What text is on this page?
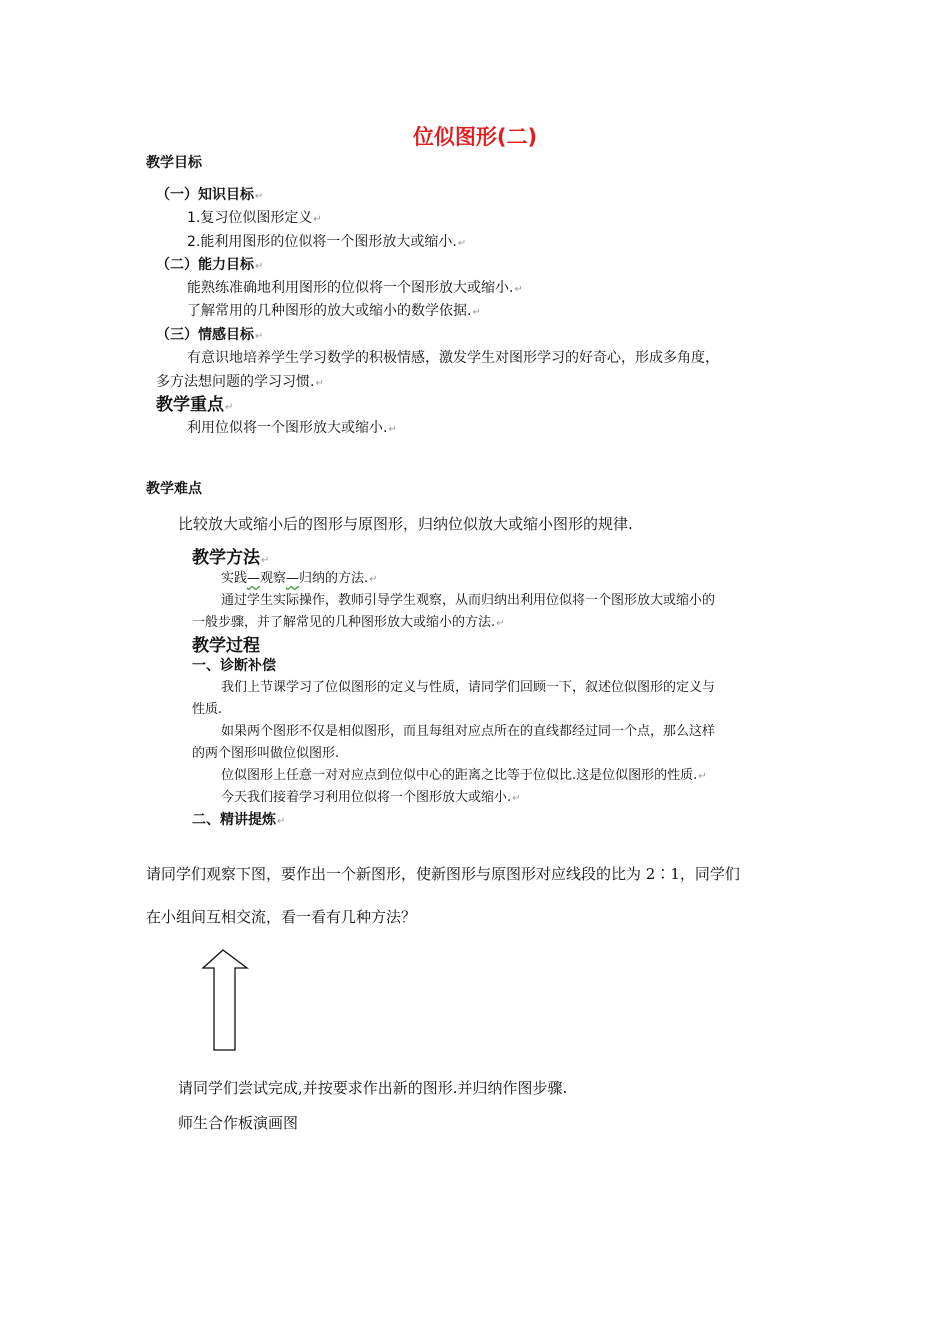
位似图形(二)
教学目标
（一）知识目标↵
1.复习位似图形定义↵
2.能利用图形的位似将一个图形放大或缩小.↵
（二）能力目标↵
能熟练准确地利用图形的位似将一个图形放大或缩小.↵
了解常用的几种图形的放大或缩小的数学依据.↵
（三）情感目标↵
有意识地培养学生学习数学的积极情感，激发学生对图形学习的好奇心，形成多角度，
多方法想问题的学习习惯.↵
教学重点↵
利用位似将一个图形放大或缩小.↵
教学难点
比较放大或缩小后的图形与原图形，归纳位似放大或缩小图形的规律.
教学方法↵
实践—观察—归纳的方法.↵
通过学生实际操作，教师引导学生观察，从而归纳出利用位似将一个图形放大或缩小的
一般步骤，并了解常见的几种图形放大或缩小的方法.↵
教学过程
一、诊断补偿
我们上节课学习了位似图形的定义与性质，请同学们回顾一下，叙述位似图形的定义与
性质.
如果两个图形不仅是相似图形，而且每组对应点所在的直线都经过同一个点，那么这样
的两个图形叫做位似图形.
位似图形上任意一对对应点到位似中心的距离之比等于位似比.这是位似图形的性质.↵
今天我们接着学习利用位似将一个图形放大或缩小.↵
二、精讲提炼↵
请同学们观察下图，要作出一个新图形，使新图形与原图形对应线段的比为 2∶1，同学们
在小组间互相交流，看一看有几种方法？
请同学们尝试完成,并按要求作出新的图形.并归纳作图步骤.
师生合作板演画图
